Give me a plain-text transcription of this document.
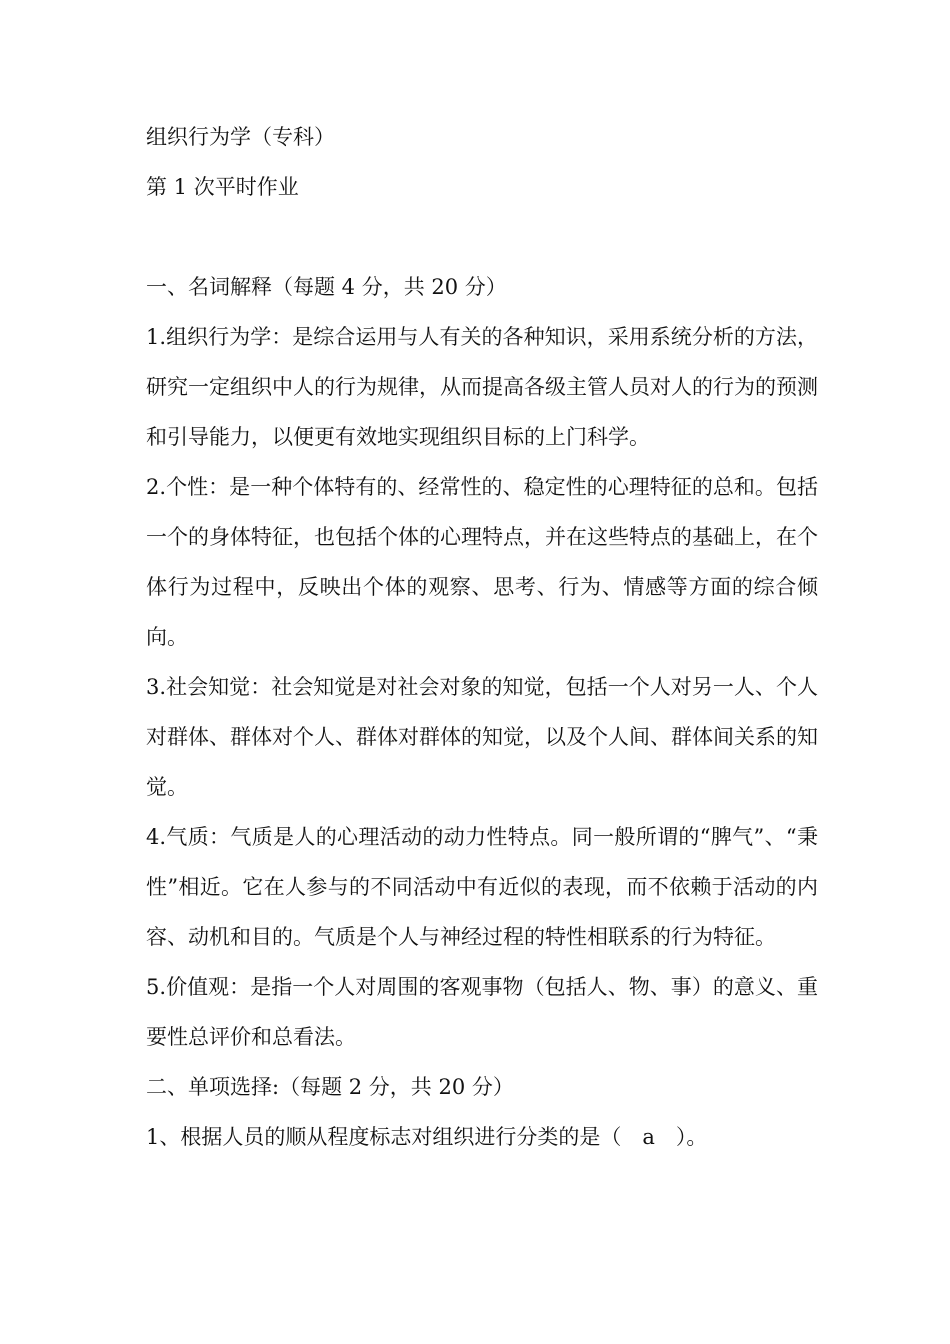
组织行为学（专科）

第 1 次平时作业

一、名词解释（每题 4 分，共 20 分）

1.组织行为学：是综合运用与人有关的各种知识，采用系统分析的方法，研究一定组织中人的行为规律，从而提高各级主管人员对人的行为的预测和引导能力，以便更有效地实现组织目标的上门科学。

2.个性：是一种个体特有的、经常性的、稳定性的心理特征的总和。包括一个的身体特征，也包括个体的心理特点，并在这些特点的基础上，在个体行为过程中，反映出个体的观察、思考、行为、情感等方面的综合倾向。

3.社会知觉：社会知觉是对社会对象的知觉，包括一个人对另一人、个人对群体、群体对个人、群体对群体的知觉，以及个人间、群体间关系的知觉。

4.气质：气质是人的心理活动的动力性特点。同一般所谓的“脾气”、“秉性”相近。它在人参与的不同活动中有近似的表现，而不依赖于活动的内容、动机和目的。气质是个人与神经过程的特性相联系的行为特征。

5.价值观：是指一个人对周围的客观事物（包括人、物、事）的意义、重要性总评价和总看法。

二、单项选择:（每题 2 分，共 20 分）

1、根据人员的顺从程度标志对组织进行分类的是（　a　）。
